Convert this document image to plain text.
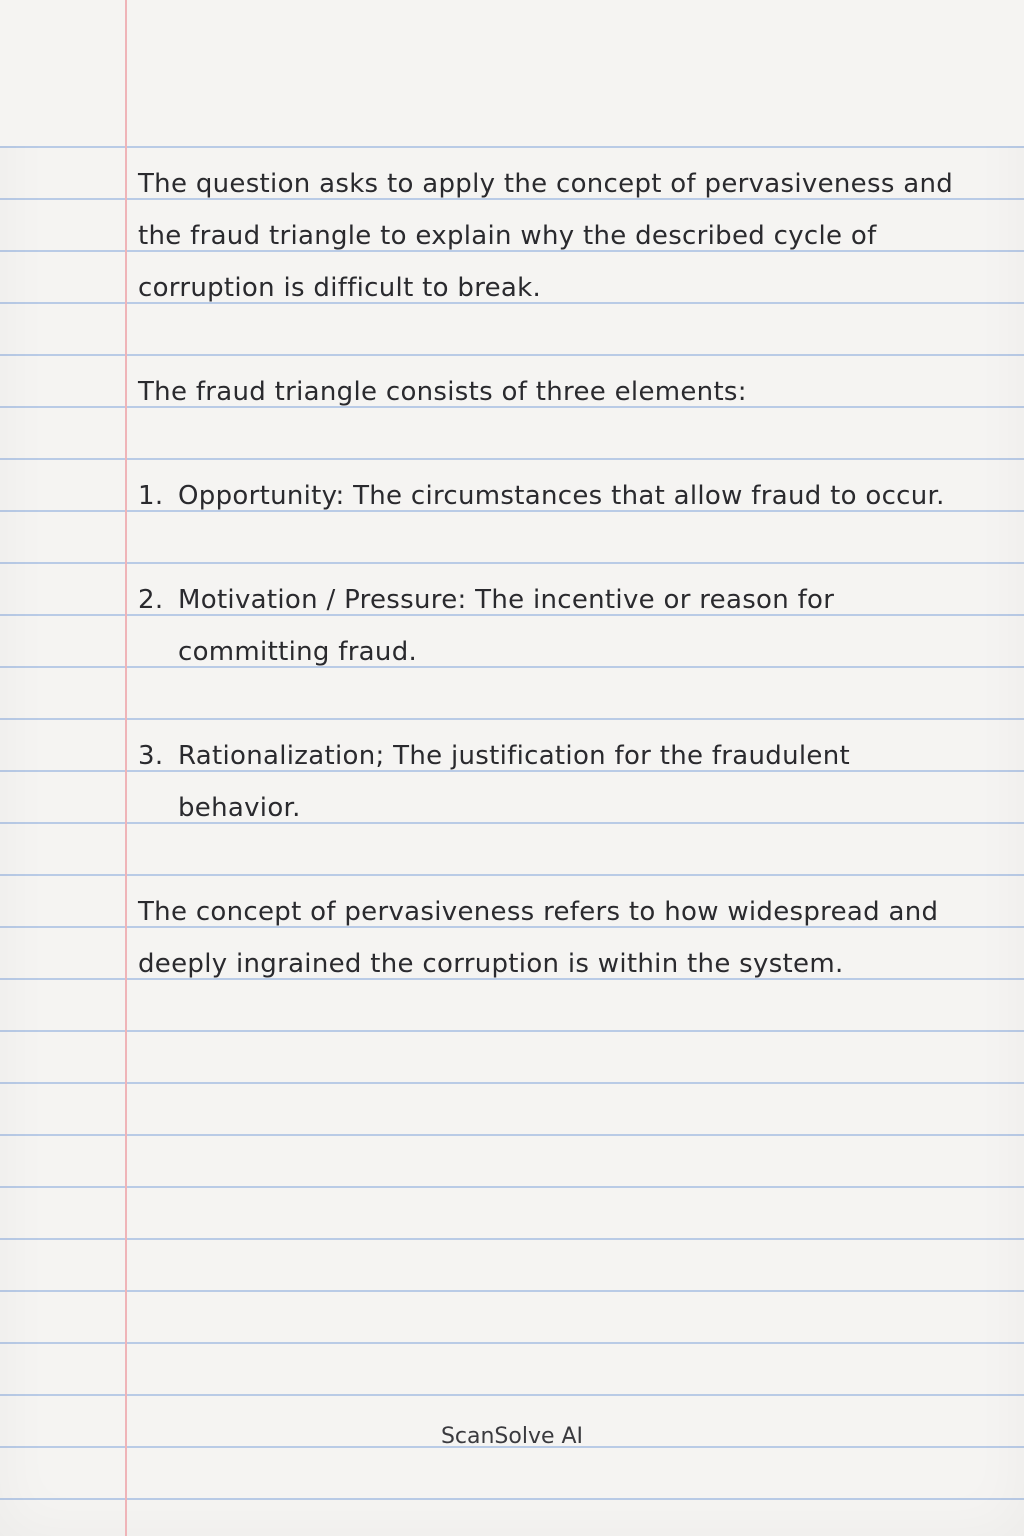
The question asks to apply the concept of pervasiveness and the fraud triangle to explain why the described cycle of corruption is difficult to break.

The fraud triangle consists of three elements:

1. Opportunity: The circumstances that allow fraud to occur.
2. Motivation / Pressure: The incentive or reason for committing fraud.
3. Rationalization; The justification for the fraudulent behavior.

The concept of pervasiveness refers to how widespread and deeply ingrained the corruption is within the system.

ScanSolve AI
